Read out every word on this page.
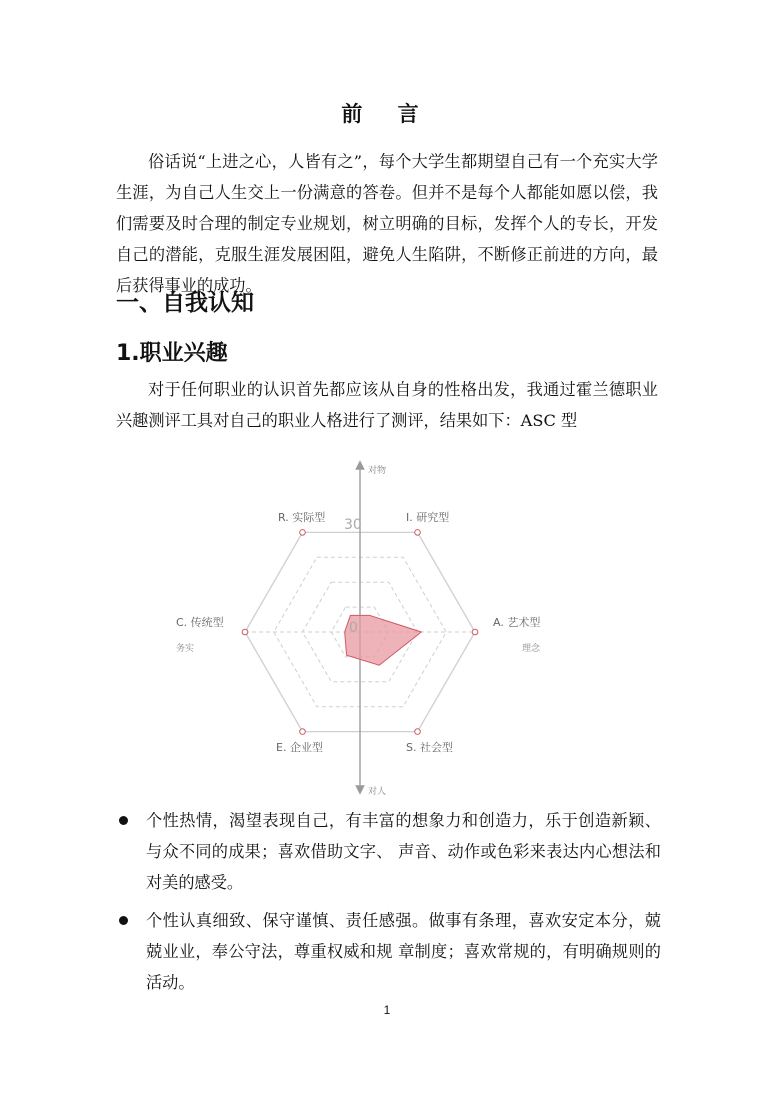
前 言
俗话说“上进之心，人皆有之”，每个大学生都期望自己有一个充实大学生涯，为自己人生交上一份满意的答卷。但并不是每个人都能如愿以偿，我们需要及时合理的制定专业规划，树立明确的目标，发挥个人的专长，开发自己的潜能，克服生涯发展困阻，避免人生陷阱，不断修正前进的方向，最后获得事业的成功。
一、自我认知
1.职业兴趣
对于任何职业的认识首先都应该从自身的性格出发，我通过霍兰德职业兴趣测评工具对自己的职业人格进行了测评，结果如下：ASC 型
对物
对人
务实	理念
30
0
R. 实际型	I. 研究型
A. 艺术型
S. 社会型
E. 企业型
C. 传统型
个性热情，渴望表现自己，有丰富的想象力和创造力，乐于创造新颖、与众不同的成果；喜欢借助文字、 声音、动作或色彩来表达内心想法和对美的感受。
个性认真细致、保守谨慎、责任感强。做事有条理，喜欢安定本分，兢兢业业，奉公守法，尊重权威和规 章制度；喜欢常规的，有明确规则的活动。
1
